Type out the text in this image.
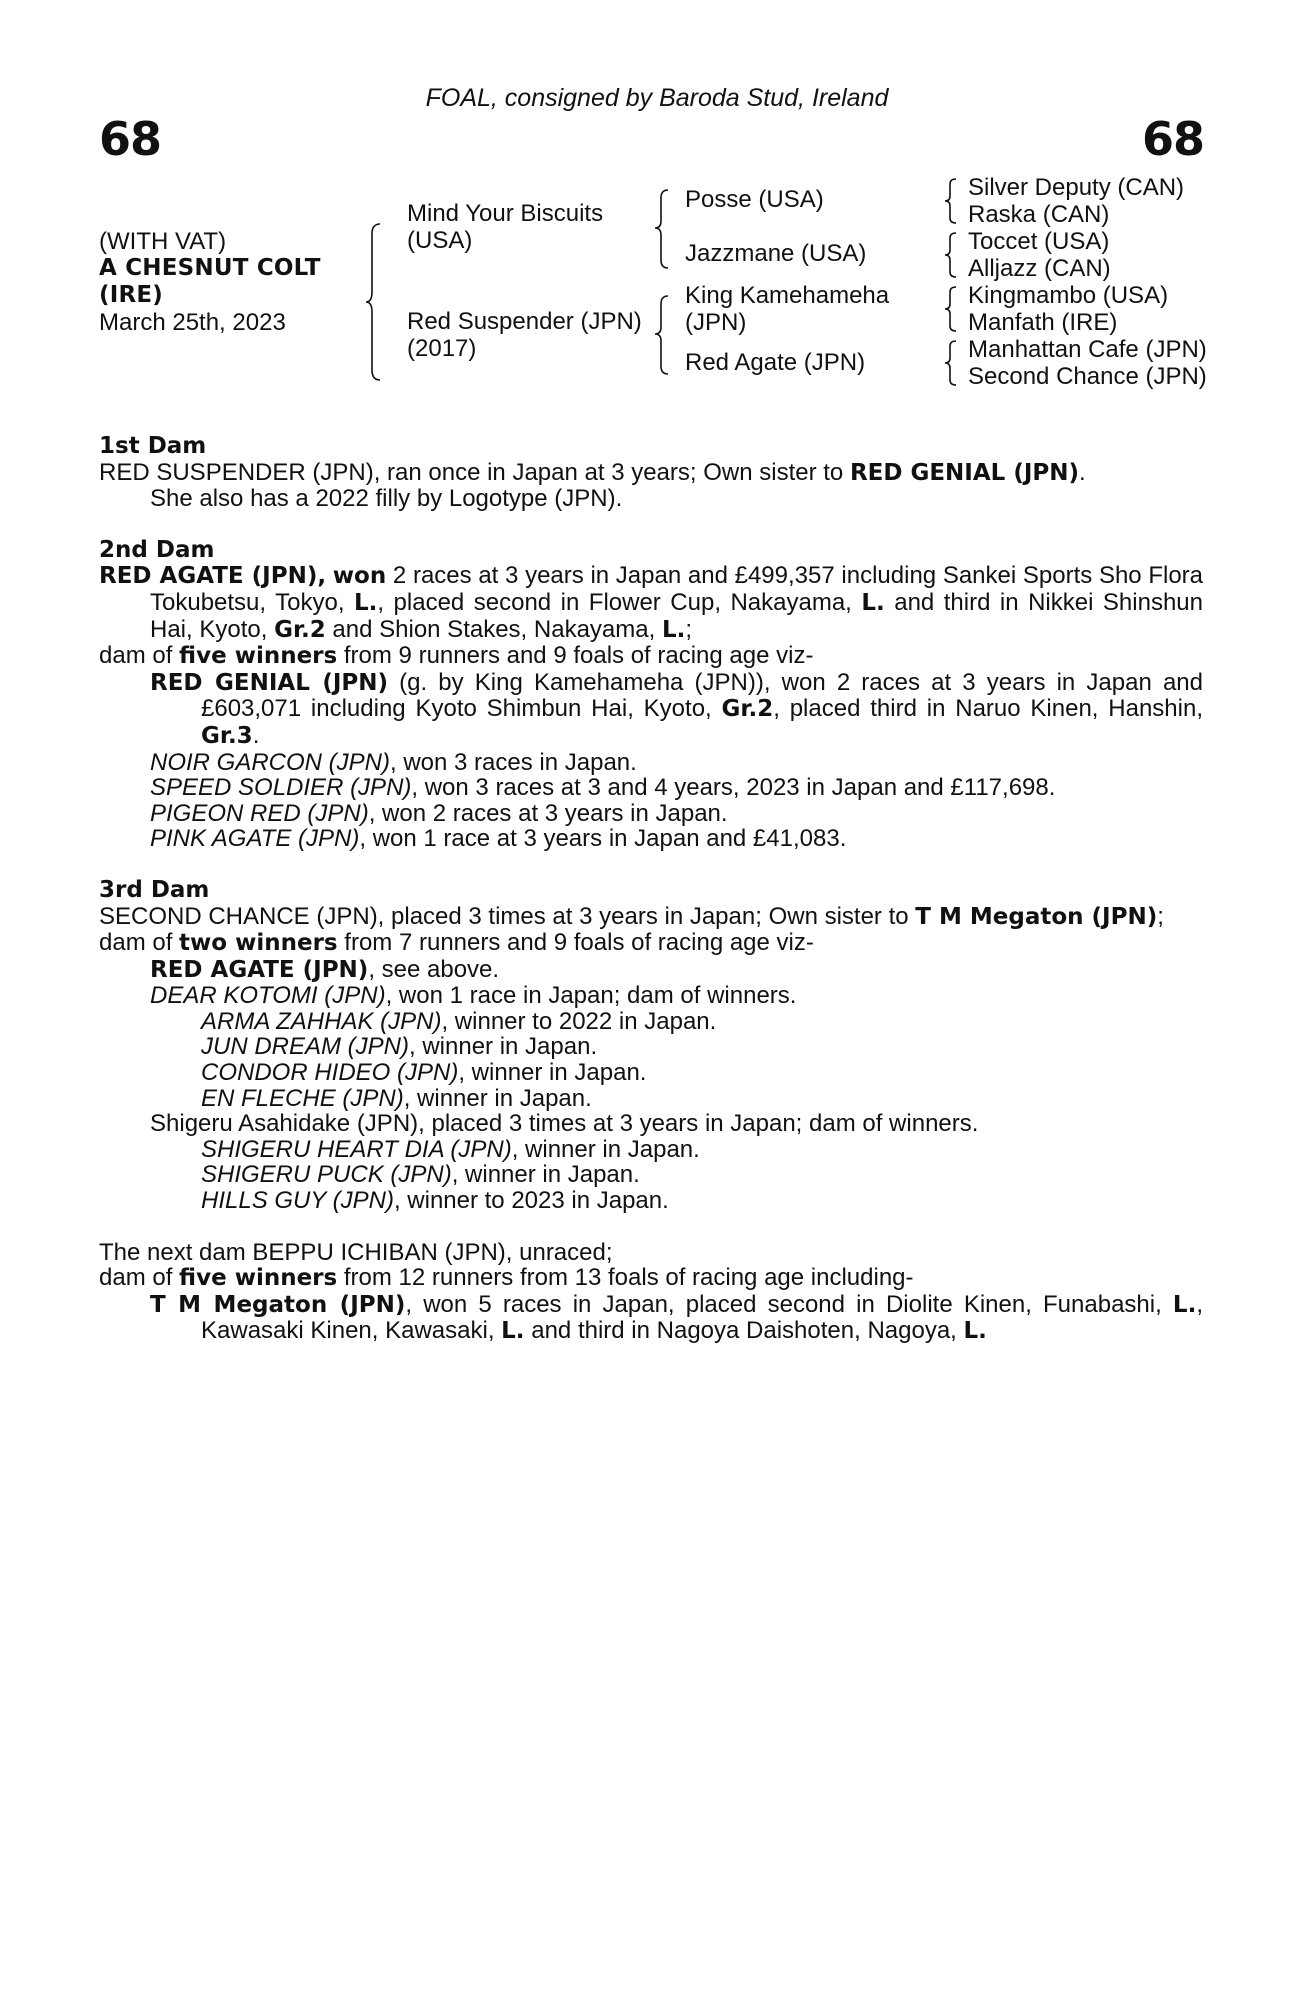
FOAL, consigned by Baroda Stud, Ireland
68	68
(WITH VAT)
A CHESNUT COLT
(IRE)
March 25th, 2023
Mind Your Biscuits
(USA)
Red Suspender (JPN)
(2017)
Posse (USA)
Jazzmane (USA)
King Kamehameha
(JPN)
Red Agate (JPN)
Silver Deputy (CAN)
Raska (CAN)
Toccet (USA)
Alljazz (CAN)
Kingmambo (USA)
Manfath (IRE)
Manhattan Cafe (JPN)
Second Chance (JPN)

1st Dam

RED SUSPENDER (JPN), ran once in Japan at 3 years; Own sister to RED GENIAL (JPN).

She also has a 2022 filly by Logotype (JPN).

2nd Dam

RED AGATE (JPN), won 2 races at 3 years in Japan and £499,357 including Sankei Sports Sho Flora Tokubetsu, Tokyo, L., placed second in Flower Cup, Nakayama, L. and third in Nikkei Shinshun Hai, Kyoto, Gr.2 and Shion Stakes, Nakayama, L.;

dam of five winners from 9 runners and 9 foals of racing age viz-

RED GENIAL (JPN) (g. by King Kamehameha (JPN)), won 2 races at 3 years in Japan and £603,071 including Kyoto Shimbun Hai, Kyoto, Gr.2, placed third in Naruo Kinen, Hanshin, Gr.3.

NOIR GARCON (JPN), won 3 races in Japan.

SPEED SOLDIER (JPN), won 3 races at 3 and 4 years, 2023 in Japan and £117,698.

PIGEON RED (JPN), won 2 races at 3 years in Japan.

PINK AGATE (JPN), won 1 race at 3 years in Japan and £41,083.

3rd Dam

SECOND CHANCE (JPN), placed 3 times at 3 years in Japan; Own sister to T M Megaton (JPN);

dam of two winners from 7 runners and 9 foals of racing age viz-

RED AGATE (JPN), see above.

DEAR KOTOMI (JPN), won 1 race in Japan; dam of winners.

ARMA ZAHHAK (JPN), winner to 2022 in Japan.

JUN DREAM (JPN), winner in Japan.

CONDOR HIDEO (JPN), winner in Japan.

EN FLECHE (JPN), winner in Japan.

Shigeru Asahidake (JPN), placed 3 times at 3 years in Japan; dam of winners.

SHIGERU HEART DIA (JPN), winner in Japan.

SHIGERU PUCK (JPN), winner in Japan.

HILLS GUY (JPN), winner to 2023 in Japan.

The next dam BEPPU ICHIBAN (JPN), unraced;

dam of five winners from 12 runners from 13 foals of racing age including-

T M Megaton (JPN), won 5 races in Japan, placed second in Diolite Kinen, Funabashi, L., Kawasaki Kinen, Kawasaki, L. and third in Nagoya Daishoten, Nagoya, L.
